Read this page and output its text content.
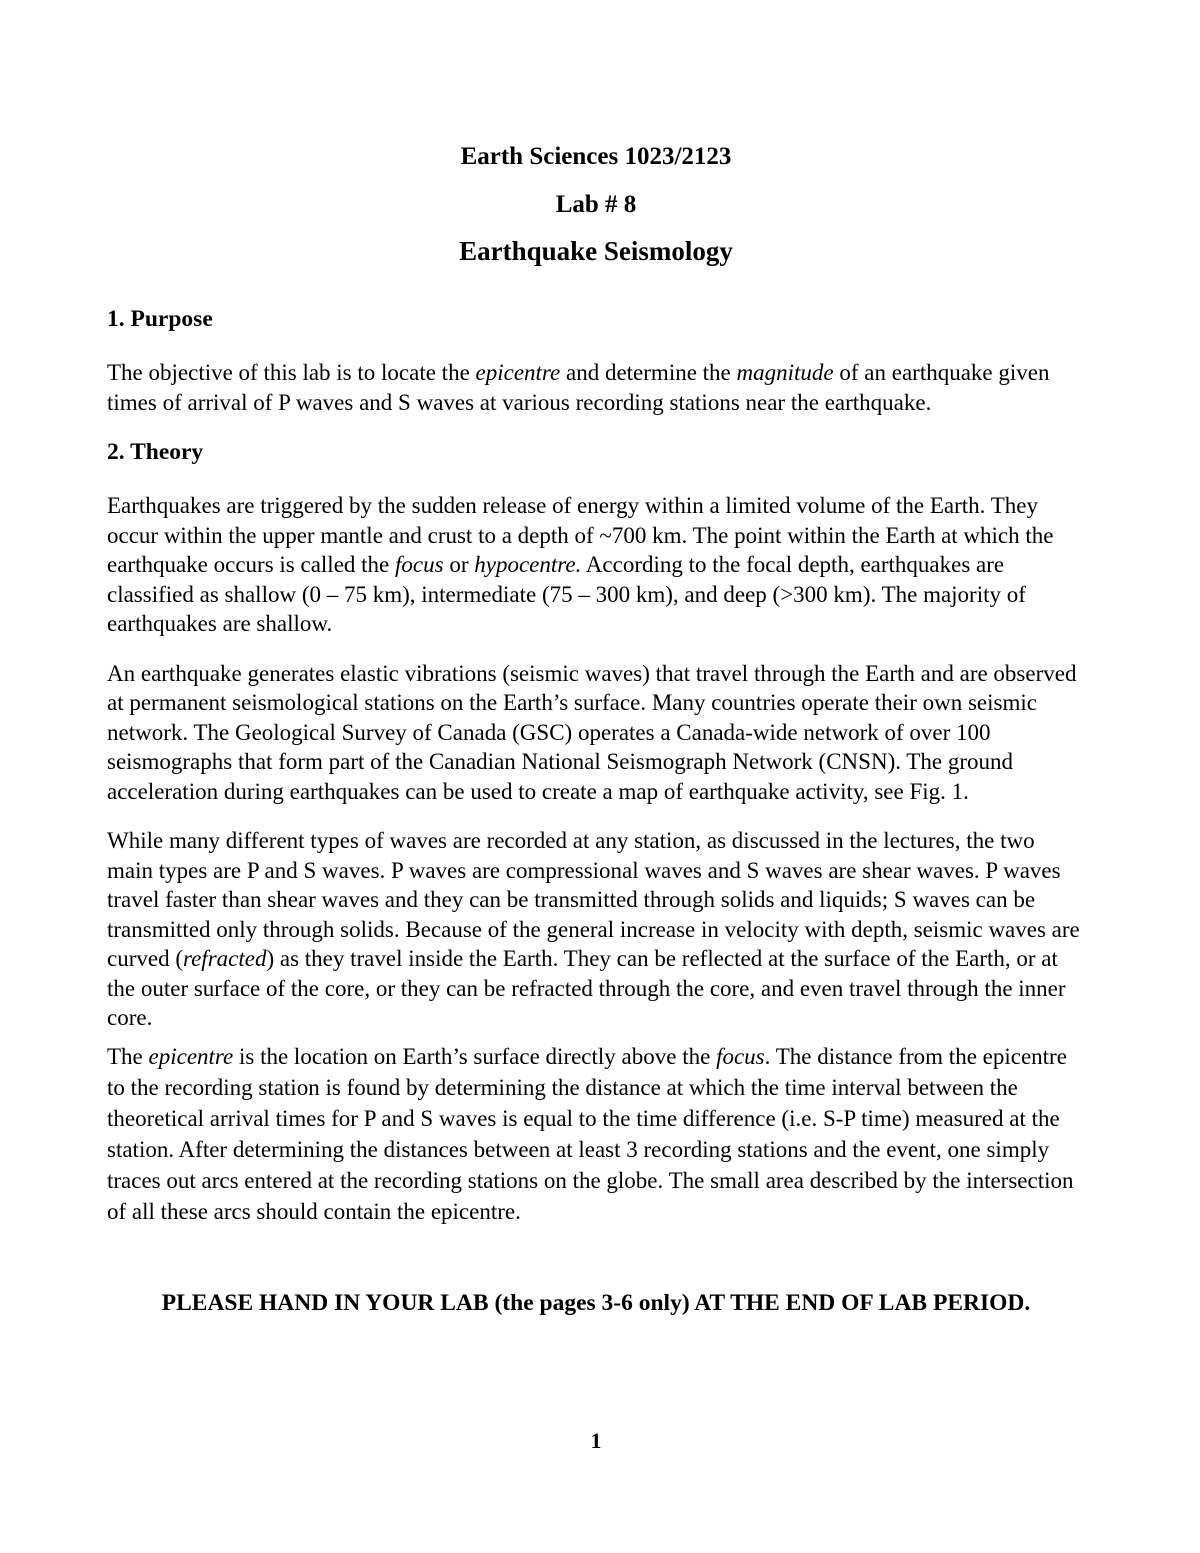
Earth Sciences 1023/2123

Lab # 8

Earthquake Seismology

1. Purpose

The objective of this lab is to locate the epicentre and determine the magnitude of an earthquake given times of arrival of P waves and S waves at various recording stations near the earthquake.

2. Theory

Earthquakes are triggered by the sudden release of energy within a limited volume of the Earth. They occur within the upper mantle and crust to a depth of ~700 km. The point within the Earth at which the earthquake occurs is called the focus or hypocentre. According to the focal depth, earthquakes are classified as shallow (0 – 75 km), intermediate (75 – 300 km), and deep (>300 km). The majority of earthquakes are shallow.

An earthquake generates elastic vibrations (seismic waves) that travel through the Earth and are observed at permanent seismological stations on the Earth’s surface. Many countries operate their own seismic network. The Geological Survey of Canada (GSC) operates a Canada-wide network of over 100 seismographs that form part of the Canadian National Seismograph Network (CNSN). The ground acceleration during earthquakes can be used to create a map of earthquake activity, see Fig. 1.

While many different types of waves are recorded at any station, as discussed in the lectures, the two main types are P and S waves. P waves are compressional waves and S waves are shear waves. P waves travel faster than shear waves and they can be transmitted through solids and liquids; S waves can be transmitted only through solids. Because of the general increase in velocity with depth, seismic waves are curved (refracted) as they travel inside the Earth. They can be reflected at the surface of the Earth, or at the outer surface of the core, or they can be refracted through the core, and even travel through the inner core.

The epicentre is the location on Earth’s surface directly above the focus. The distance from the epicentre to the recording station is found by determining the distance at which the time interval between the theoretical arrival times for P and S waves is equal to the time difference (i.e. S-P time) measured at the station. After determining the distances between at least 3 recording stations and the event, one simply traces out arcs entered at the recording stations on the globe. The small area described by the intersection of all these arcs should contain the epicentre.

PLEASE HAND IN YOUR LAB (the pages 3-6 only) AT THE END OF LAB PERIOD.

1
